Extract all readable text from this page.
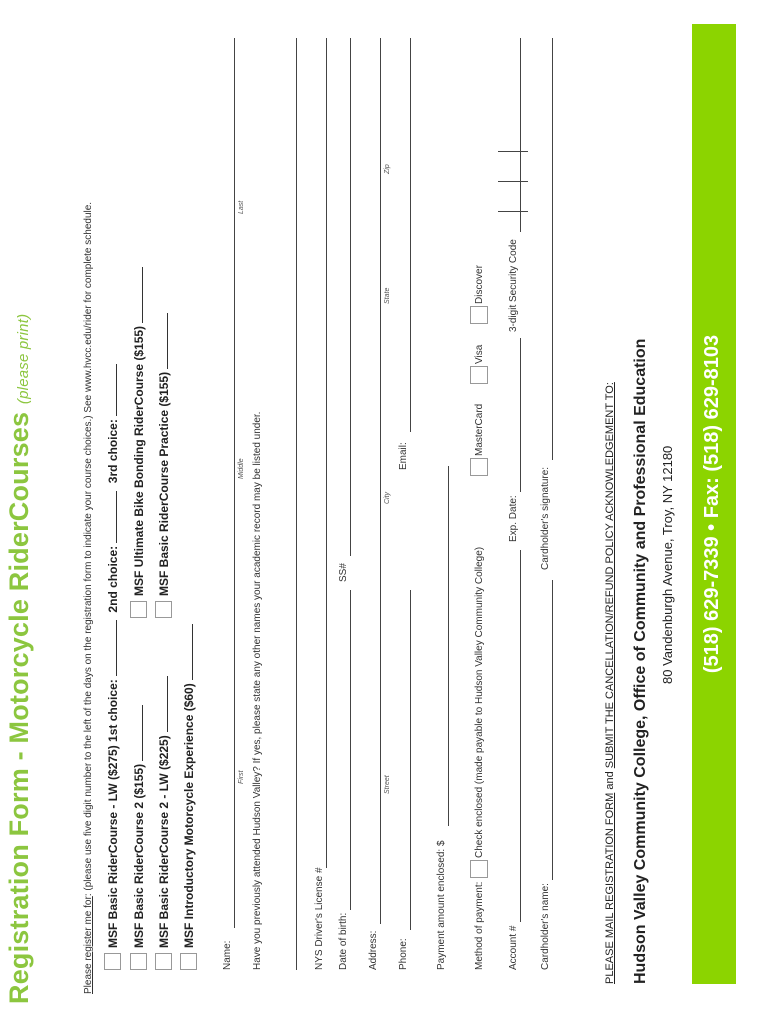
Registration Form - Motorcycle RiderCourses (please print)
Please register me for: (please use five digit number to the left of the days on the registration form to indicate your course choices.) See www.hvcc.edu/rider for complete schedule. MSF Basic RiderCourse - LW ($275) 1st choice:  2nd choice:  3rd choice:
MSF Basic RiderCourse 2 ($155) MSF Basic RiderCourse 2 - LW ($225) MSF Introductory Motorcycle Experience ($60)
MSF Ultimate Bike Bonding RiderCourse ($155) MSF Basic RiderCourse Practice ($155)
Name:
First
Middle
Last
Have you previously attended Hudson Valley? If yes, please state any other names your academic record may be listed under.	NYS Driver's License # Date of birth:
SS#
Address:
Street
City
State
Zip
Phone:
Email:
Payment amount enclosed: $	Method of payment:
Check enclosed (made payable to Hudson Valley Community College)
MasterCard
Visa
Discover
Account #
Exp. Date:
3-digit Security Code
Cardholder's name:
Cardholder's signature:
PLEASE MAIL REGISTRATION FORM and SUBMIT THE CANCELLATION/REFUND POLICY ACKNOWLEDGEMENT TO: Hudson Valley Community College, Office of Community and Professional Education 80 Vandenburgh Avenue, Troy, NY 12180 (518) 629-7339 • Fax: (518) 629-8103
